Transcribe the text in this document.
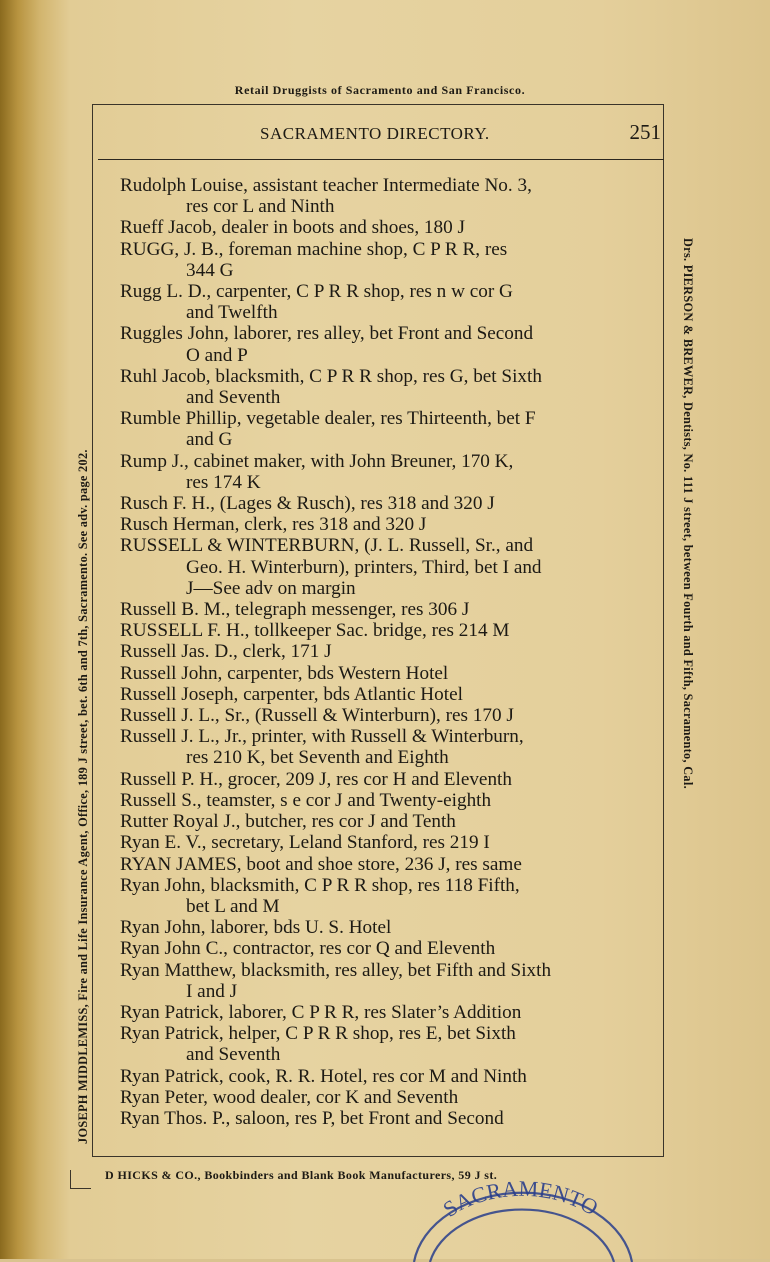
Retail Druggists of Sacramento and San Francisco.
SACRAMENTO DIRECTORY.	251
Rudolph Louise, assistant teacher Intermediate No. 3,
res cor L and Ninth
Rueff Jacob, dealer in boots and shoes, 180 J
RUGG, J. B., foreman machine shop, C P R R, res
344 G
Rugg L. D., carpenter, C P R R shop, res n w cor G
and Twelfth
Ruggles John, laborer, res alley, bet Front and Second
O and P
Ruhl Jacob, blacksmith, C P R R shop, res G, bet Sixth
and Seventh
Rumble Phillip, vegetable dealer, res Thirteenth, bet F
and G
Rump J., cabinet maker, with John Breuner, 170 K,
res 174 K
Rusch F. H., (Lages & Rusch), res 318 and 320 J
Rusch Herman, clerk, res 318 and 320 J
RUSSELL & WINTERBURN, (J. L. Russell, Sr., and
Geo. H. Winterburn), printers, Third, bet I and
J—See adv on margin
Russell B. M., telegraph messenger, res 306 J
RUSSELL F. H., tollkeeper Sac. bridge, res 214 M
Russell Jas. D., clerk, 171 J
Russell John, carpenter, bds Western Hotel
Russell Joseph, carpenter, bds Atlantic Hotel
Russell J. L., Sr., (Russell & Winterburn), res 170 J
Russell J. L., Jr., printer, with Russell & Winterburn,
res 210 K, bet Seventh and Eighth
Russell P. H., grocer, 209 J, res cor H and Eleventh
Russell S., teamster, s e cor J and Twenty-eighth
Rutter Royal J., butcher, res cor J and Tenth
Ryan E. V., secretary, Leland Stanford, res 219 I
RYAN JAMES, boot and shoe store, 236 J, res same
Ryan John, blacksmith, C P R R shop, res 118 Fifth,
bet L and M
Ryan John, laborer, bds U. S. Hotel
Ryan John C., contractor, res cor Q and Eleventh
Ryan Matthew, blacksmith, res alley, bet Fifth and Sixth
I and J
Ryan Patrick, laborer, C P R R, res Slater’s Addition
Ryan Patrick, helper, C P R R shop, res E, bet Sixth
and Seventh
Ryan Patrick, cook, R. R. Hotel, res cor M and Ninth
Ryan Peter, wood dealer, cor K and Seventh
Ryan Thos. P., saloon, res P, bet Front and Second
JOSEPH MIDDLEMISS, Fire and Life Insurance Agent, Office, 189 J street, bet. 6th and 7th, Sacramento. See adv. page 202.	Drs. PIERSON & BREWER, Dentists, No. 111 J street, between Fourth and Fifth, Sacramento, Cal.
D HICKS & CO., Bookbinders and Blank Book Manufacturers, 59 J st.
SACRAMENTO
